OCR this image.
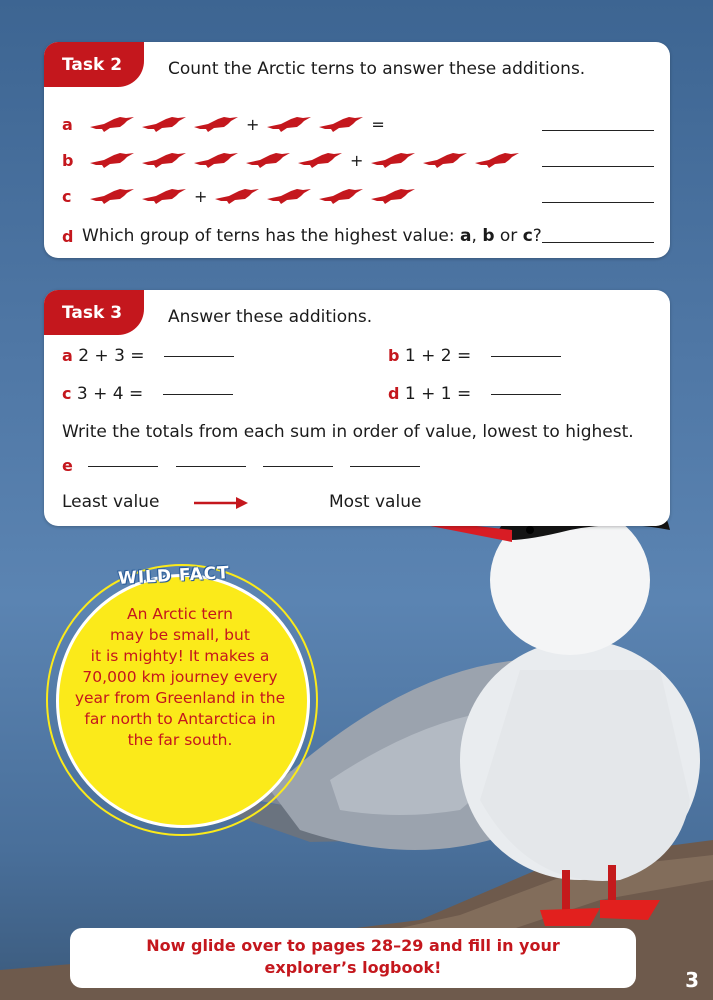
Task 2	Count the Arctic terns to answer these additions.
a	+	=
b	+
c	+
d Which group of terns has the highest value: a , b or c ?
Task 3	Answer these additions.
a 2 + 3 =	b 1 + 2 =
c 3 + 4 =	d 1 + 1 =
Write the totals from each sum in order of value, lowest to highest.
e
Least value	Most value
WILD FACT
An Arctic tern
may be small, but
it is mighty! It makes a
70,000 km journey every
year from Greenland in the
far north to Antarctica in
the far south.
Now glide over to pages 28–29 and fill in your
explorer’s logbook!
3
